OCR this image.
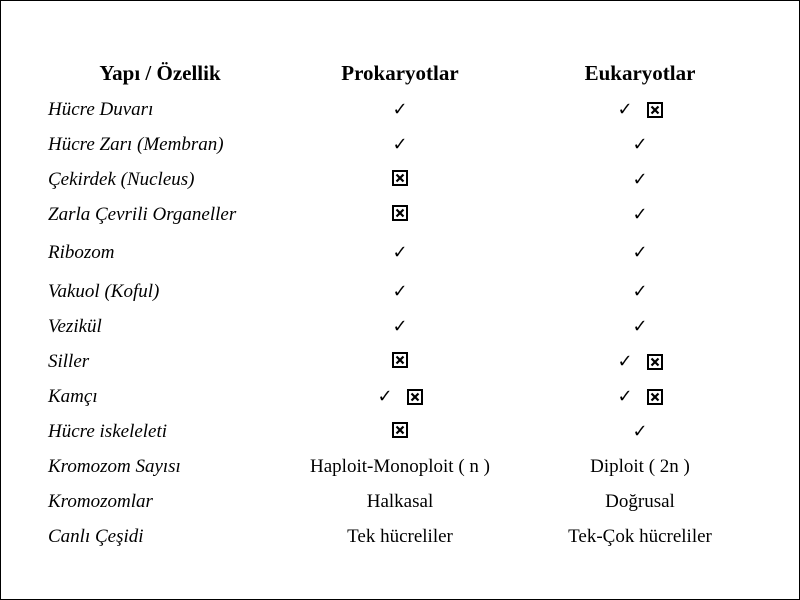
Yapı / Özellik	Prokaryotlar	Eukaryotlar
Hücre Duvarı	✓	✓

Hücre Zarı (Membran)	✓	✓

Çekirdek (Nucleus)		✓

Zarla Çevrili Organeller		✓

Ribozom	✓	✓

Vakuol (Koful)	✓	✓

Vezikül	✓	✓

Siller		✓

Kamçı	✓	✓

Hücre iskeleleti		✓

Kromozom Sayısı	Haploit-Monoploit ( n )	Diploit ( 2n )
Kromozomlar	Halkasal	Doğrusal
Canlı Çeşidi	Tek hücreliler	Tek-Çok hücreliler
